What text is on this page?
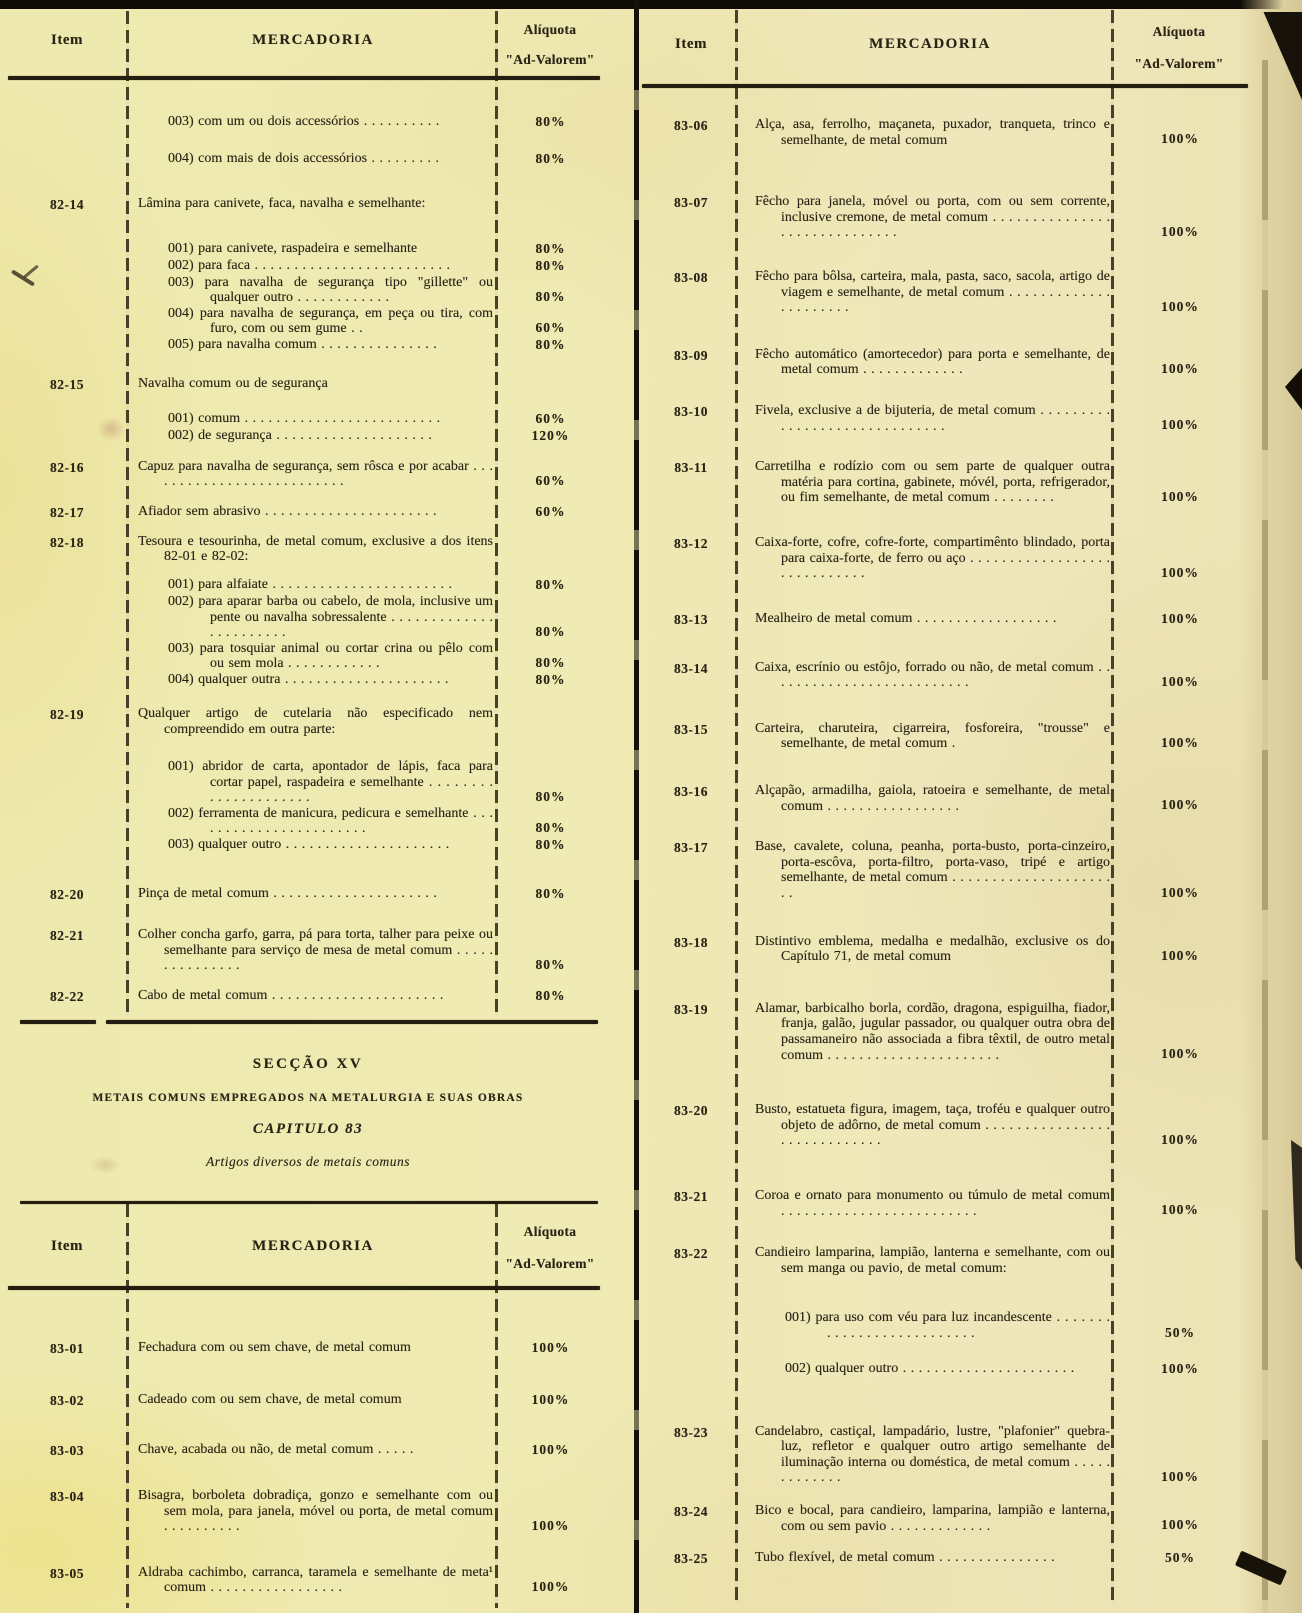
Item	MERCADORIA
Alíquota
"Ad-Valorem"
003) com um ou dois accessórios . . . . . . . . . .	80%
004) com mais de dois accessórios . . . . . . . . .	80%
82-14	Lâmina para canivete, faca, navalha e semelhante:
001) para canivete, raspadeira e semelhante	80%
002) para faca . . . . . . . . . . . . . . . . . . . . . . . . .	80%
003) para navalha de segurança tipo "gillette" ou qualquer outro . . . . . . . . . . . .	80%
004) para navalha de segurança, em peça ou tira, com furo, com ou sem gume . .	60%
005) para navalha comum . . . . . . . . . . . . . . .	80%
82-15	Navalha comum ou de segurança
001) comum . . . . . . . . . . . . . . . . . . . . . . . . .	60%
002) de segurança . . . . . . . . . . . . . . . . . . . .	120%
82-16	Capuz para navalha de segurança, sem rôsca e por acabar . . . . . . . . . . . . . . . . . . . . . . . . . .	60%
82-17	Afiador sem abrasivo . . . . . . . . . . . . . . . . . . . . . .	60%
82-18	Tesoura e tesourinha, de metal comum, exclusive a dos itens 82-01 e 82-02:
001) para alfaiate . . . . . . . . . . . . . . . . . . . . . . .	80%
002) para aparar barba ou cabelo, de mola, inclusive um pente ou navalha sobressalente . . . . . . . . . . . . . . . . . . . . . . .	80%
003) para tosquiar animal ou cortar crina ou pêlo com ou sem mola . . . . . . . . . . . .	80%
004) qualquer outra . . . . . . . . . . . . . . . . . . . . .	80%
82-19	Qualquer artigo de cutelaria não especificado nem compreendido em outra parte:
001) abridor de carta, apontador de lápis, faca para cortar papel, raspadeira e semelhante . . . . . . . . . . . . . . . . . . . . .	80%
002) ferramenta de manicura, pedicura e semelhante . . . . . . . . . . . . . . . . . . . . . . .	80%
003) qualquer outro . . . . . . . . . . . . . . . . . . . . .	80%
82-20	Pinça de metal comum . . . . . . . . . . . . . . . . . . . . .	80%
82-21	Colher concha garfo, garra, pá para torta, talher para peixe ou semelhante para serviço de mesa de metal comum . . . . . . . . . . . . . . .	80%
82-22	Cabo de metal comum . . . . . . . . . . . . . . . . . . . . . .	80%
SECÇÃO XV
METAIS COMUNS EMPREGADOS NA METALURGIA E SUAS OBRAS
CAPITULO 83
Artigos diversos de metais comuns
Item	MERCADORIA
Alíquota
"Ad-Valorem"
83-01	Fechadura com ou sem chave, de metal comum	100%
83-02	Cadeado com ou sem chave, de metal comum	100%
83-03	Chave, acabada ou não, de metal comum . . . . .	100%
83-04	Bisagra, borboleta dobradiça, gonzo e semelhante com ou sem mola, para janela, móvel ou porta, de metal comum . . . . . . . . . .	100%
83-05	Aldraba cachimbo, carranca, taramela e semelhante de meta¹ comum . . . . . . . . . . . . . . . . .	100%
Item	MERCADORIA
Alíquota
"Ad-Valorem"
83-06	Alça, asa, ferrolho, maçaneta, puxador, tranqueta, trinco e semelhante, de metal comum	100%
83-07	Fêcho para janela, móvel ou porta, com ou sem corrente, inclusive cremone, de metal comum . . . . . . . . . . . . . . . . . . . . . . . . . . . . . .	100%
83-08	Fêcho para bôlsa, carteira, mala, pasta, saco, sacola, artigo de viagem e semelhante, de metal comum . . . . . . . . . . . . . . . . . . . . . .	100%
83-09	Fêcho automático (amortecedor) para porta e semelhante, de metal comum . . . . . . . . . . . . .	100%
83-10	Fivela, exclusive a de bijuteria, de metal comum . . . . . . . . . . . . . . . . . . . . . . . . . . . . . .	100%
83-11	Carretilha e rodízio com ou sem parte de qualquer outra matéria para cortina, gabinete, móvél, porta, refrigerador, ou fim semelhante, de metal comum . . . . . . . .	100%
83-12	Caixa-forte, cofre, cofre-forte, compartimênto blindado, porta para caixa-forte, de ferro ou aço . . . . . . . . . . . . . . . . . . . . . . . . . . . . .	100%
83-13	Mealheiro de metal comum . . . . . . . . . . . . . . . . . .	100%
83-14	Caixa, escrínio ou estôjo, forrado ou não, de metal comum . . . . . . . . . . . . . . . . . . . . . . . . . .	100%
83-15	Carteira, charuteira, cigarreira, fosforeira, "trousse" e semelhante, de metal comum .	100%
83-16	Alçapão, armadilha, gaiola, ratoeira e semelhante, de metal comum . . . . . . . . . . . . . . . . .	100%
83-17	Base, cavalete, coluna, peanha, porta-busto, porta-cinzeiro, porta-escôva, porta-filtro, porta-vaso, tripé e artigo semelhante, de metal comum . . . . . . . . . . . . . . . . . . . . . .	100%
83-18	Distintivo emblema, medalha e medalhão, exclusive os do Capítulo 71, de metal comum	100%
83-19	Alamar, barbicalho borla, cordão, dragona, espiguilha, fiador, franja, galão, jugular passador, ou qualquer outra obra de passamaneiro não associada a fibra têxtil, de outro metal comum . . . . . . . . . . . . . . . . . . . . . .	100%
83-20	Busto, estatueta figura, imagem, taça, troféu e qualquer outro objeto de adôrno, de metal comum . . . . . . . . . . . . . . . . . . . . . . . . . . . . .	100%
83-21	Coroa e ornato para monumento ou túmulo de metal comum . . . . . . . . . . . . . . . . . . . . . . . . .	100%
83-22	Candieiro lamparina, lampião, lanterna e semelhante, com ou sem manga ou pavio, de metal comum:
001) para uso com véu para luz incandescente . . . . . . . . . . . . . . . . . . . . . . . . . .	50%
002) qualquer outro . . . . . . . . . . . . . . . . . . . . . .	100%
83-23	Candelabro, castiçal, lampadário, lustre, "plafonier" quebra-luz, refletor e qualquer outro artigo semelhante de iluminação interna ou doméstica, de metal comum . . . . . . . . . . . . .	100%
83-24	Bico e bocal, para candieiro, lamparina, lampião e lanterna, com ou sem pavio . . . . . . . . . . . . .	100%
83-25	Tubo flexível, de metal comum . . . . . . . . . . . . . . .	50%
